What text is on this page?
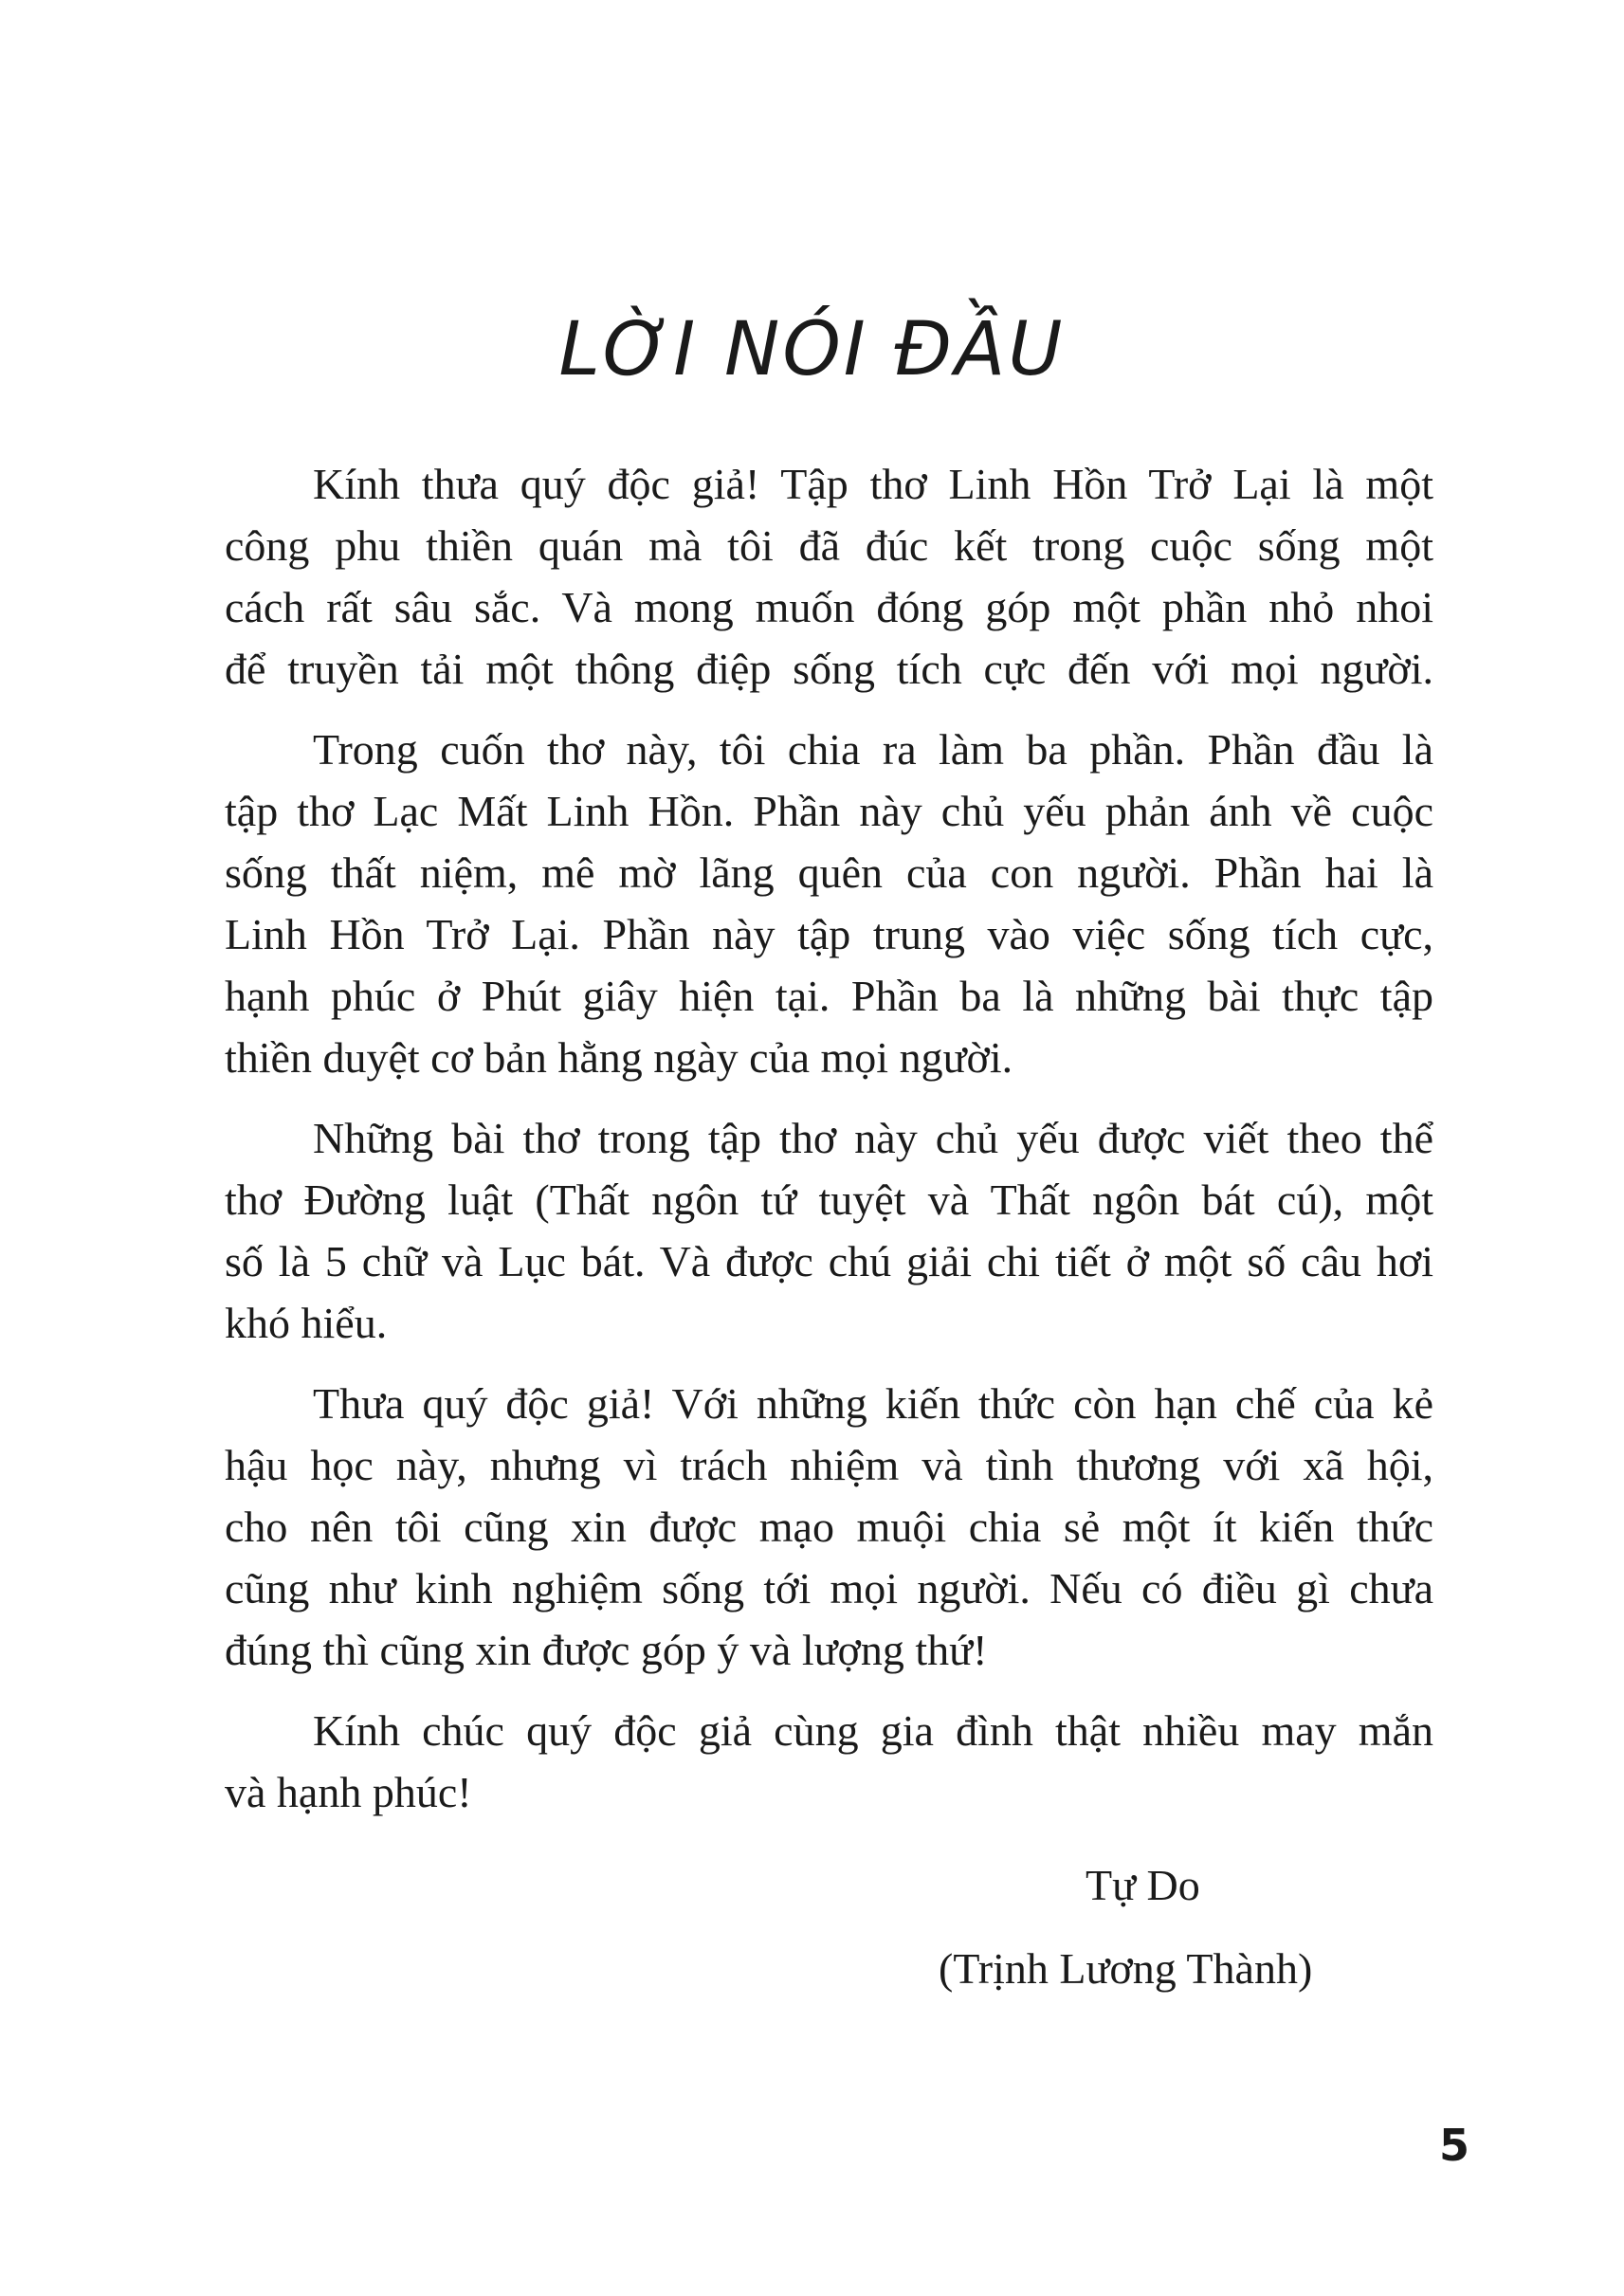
LỜI NÓI ĐẦU

Kính thưa quý độc giả! Tập thơ Linh Hồn Trở Lại là một
công phu thiền quán mà tôi đã đúc kết trong cuộc sống một
cách rất sâu sắc. Và mong muốn đóng góp một phần nhỏ nhoi
để truyền tải một thông điệp sống tích cực đến với mọi người.

Trong cuốn thơ này, tôi chia ra làm ba phần. Phần đầu là
tập thơ Lạc Mất Linh Hồn. Phần này chủ yếu phản ánh về cuộc
sống thất niệm, mê mờ lãng quên của con người. Phần hai là
Linh Hồn Trở Lại. Phần này tập trung vào việc sống tích cực,
hạnh phúc ở Phút giây hiện tại. Phần ba là những bài thực tập
thiền duyệt cơ bản hằng ngày của mọi người.

Những bài thơ trong tập thơ này chủ yếu được viết theo thể
thơ Đường luật (Thất ngôn tứ tuyệt và Thất ngôn bát cú), một
số là 5 chữ và Lục bát. Và được chú giải chi tiết ở một số câu hơi
khó hiểu.

Thưa quý độc giả! Với những kiến thức còn hạn chế của kẻ
hậu học này, nhưng vì trách nhiệm và tình thương với xã hội,
cho nên tôi cũng xin được mạo muội chia sẻ một ít kiến thức
cũng như kinh nghiệm sống tới mọi người. Nếu có điều gì chưa
đúng thì cũng xin được góp ý và lượng thứ!

Kính chúc quý độc giả cùng gia đình thật nhiều may mắn
và hạnh phúc!

Tự Do
(Trịnh Lương Thành)
5
